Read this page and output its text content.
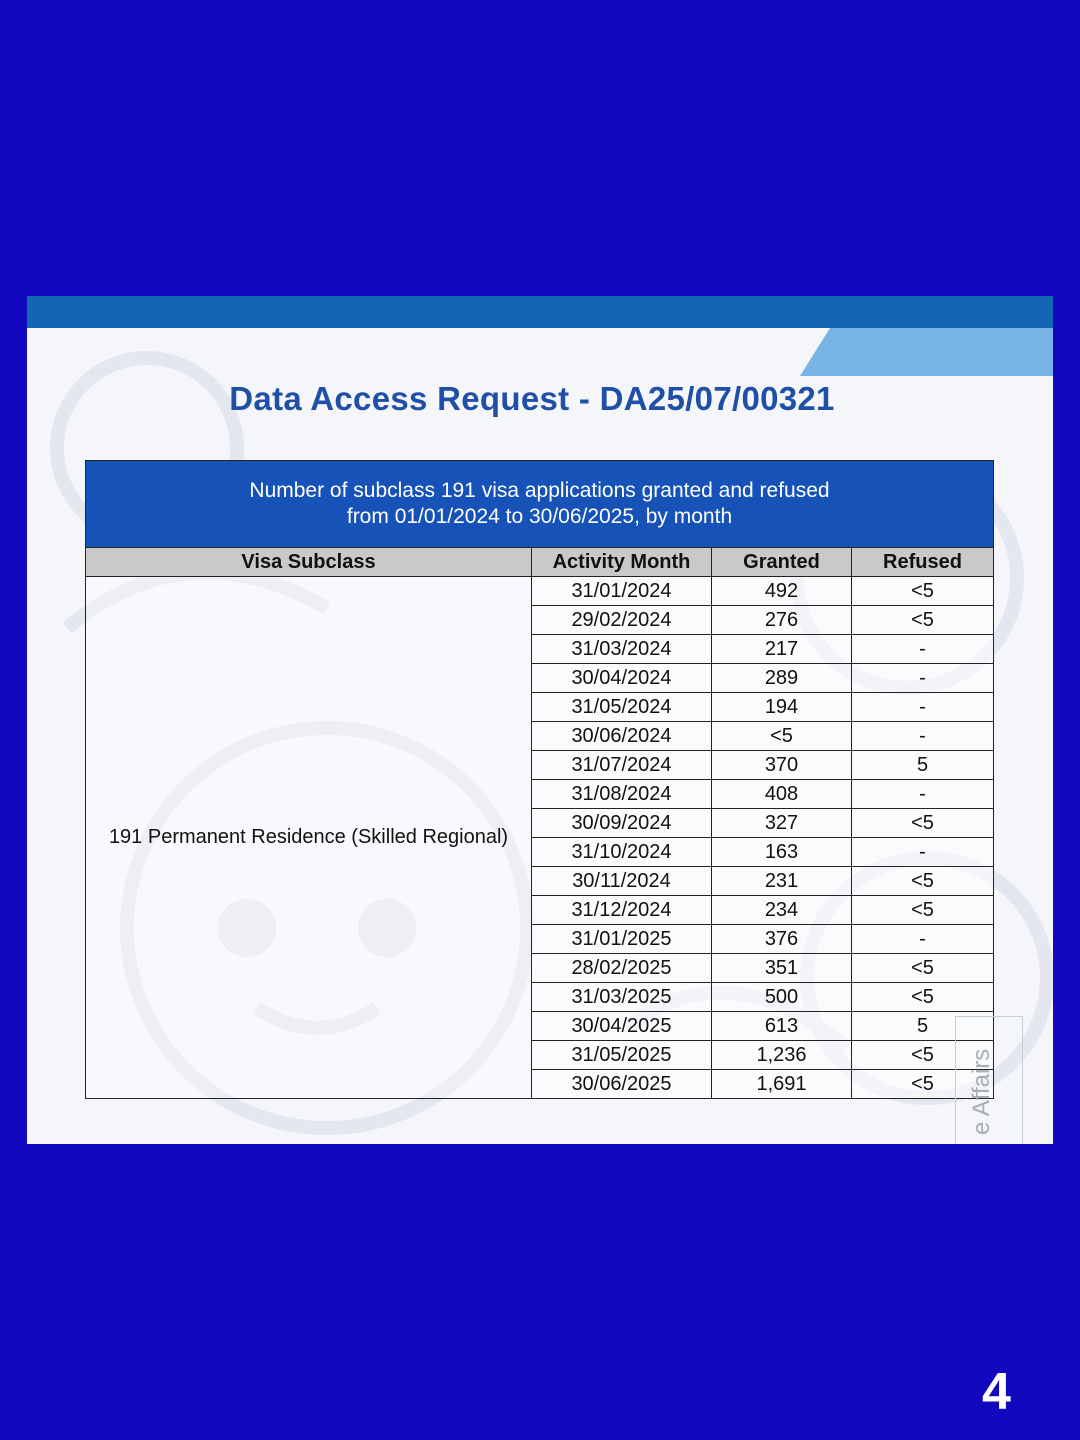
Data Access Request - DA25/07/00321
Number of subclass 191 visa applications granted and refused
from 01/01/2024 to 30/06/2025, by month			

Visa Subclass	Activity Month	Granted	Refused
191 Permanent Residence (Skilled Regional)	31/01/2024	492	<5
	29/02/2024	276	<5
	31/03/2024	217	-
	30/04/2024	289	-
	31/05/2024	194	-
	30/06/2024	<5	-
	31/07/2024	370	5
	31/08/2024	408	-
	30/09/2024	327	<5
	31/10/2024	163	-
	30/11/2024	231	<5
	31/12/2024	234	<5
	31/01/2025	376	-
	28/02/2025	351	<5
	31/03/2025	500	<5
	30/04/2025	613	5
	31/05/2025	1,236	<5
	30/06/2025	1,691	<5 e Affairs
4
